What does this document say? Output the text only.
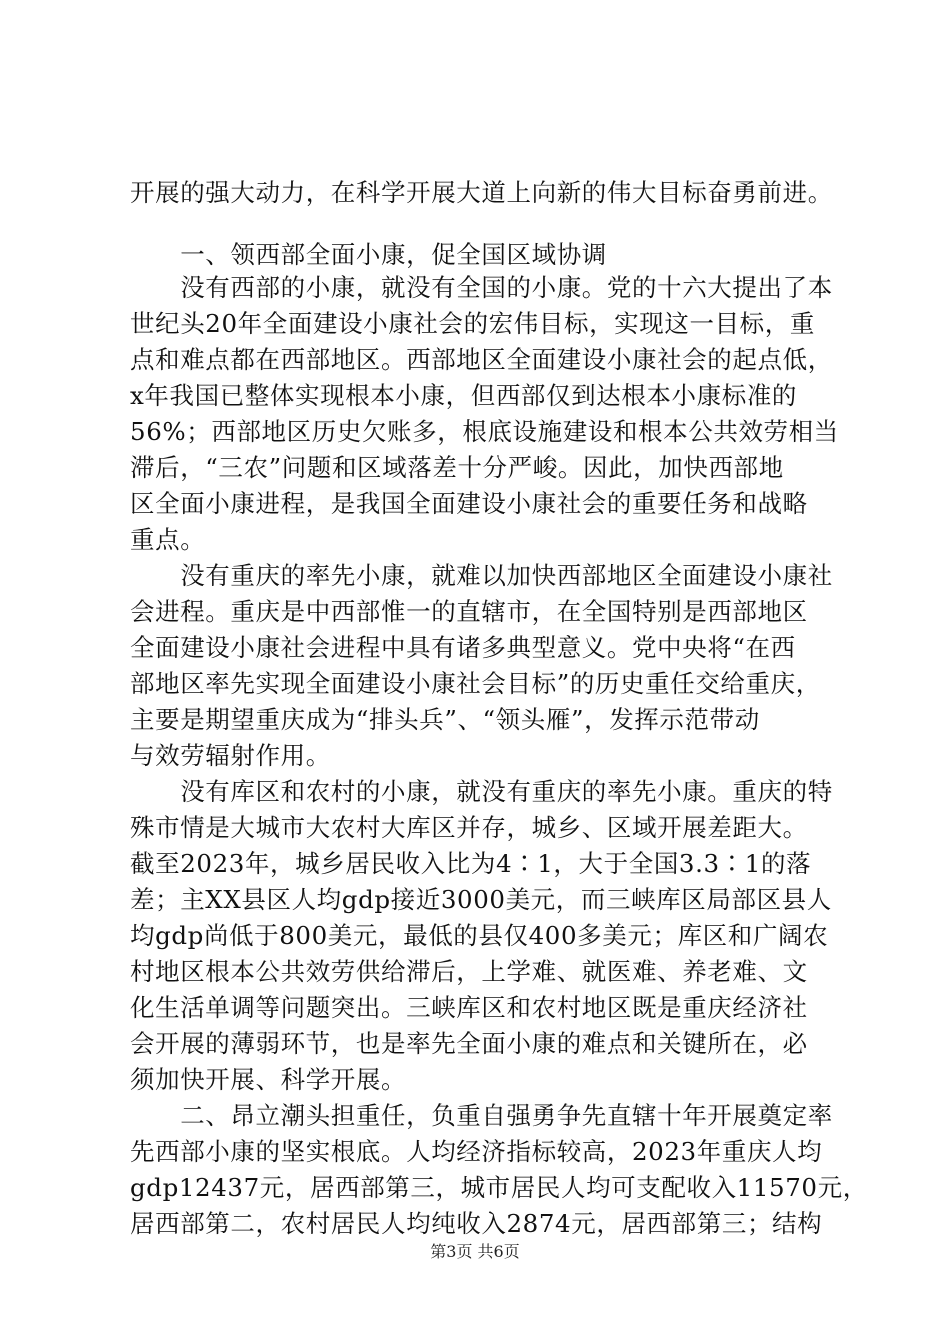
开展的强大动力，在科学开展大道上向新的伟大目标奋勇前进。
　　一、领西部全面小康，促全国区域协调
　　没有西部的小康，就没有全国的小康。党的十六大提出了本
世纪头20年全面建设小康社会的宏伟目标，实现这一目标，重
点和难点都在西部地区。西部地区全面建设小康社会的起点低，
x年我国已整体实现根本小康，但西部仅到达根本小康标准的
56%；西部地区历史欠账多，根底设施建设和根本公共效劳相当
滞后，“三农”问题和区域落差十分严峻。因此，加快西部地
区全面小康进程，是我国全面建设小康社会的重要任务和战略
重点。
　　没有重庆的率先小康，就难以加快西部地区全面建设小康社
会进程。重庆是中西部惟一的直辖市，在全国特别是西部地区
全面建设小康社会进程中具有诸多典型意义。党中央将“在西
部地区率先实现全面建设小康社会目标”的历史重任交给重庆，
主要是期望重庆成为“排头兵”、“领头雁”，发挥示范带动
与效劳辐射作用。
　　没有库区和农村的小康，就没有重庆的率先小康。重庆的特
殊市情是大城市大农村大库区并存，城乡、区域开展差距大。
截至2023年，城乡居民收入比为4∶1，大于全国3.3∶1的落
差；主XX县区人均gdp接近3000美元，而三峡库区局部区县人
均gdp尚低于800美元，最低的县仅400多美元；库区和广阔农
村地区根本公共效劳供给滞后，上学难、就医难、养老难、文
化生活单调等问题突出。三峡库区和农村地区既是重庆经济社
会开展的薄弱环节，也是率先全面小康的难点和关键所在，必
须加快开展、科学开展。
　　二、昂立潮头担重任，负重自强勇争先直辖十年开展奠定率
先西部小康的坚实根底。人均经济指标较高，2023年重庆人均
gdp12437元，居西部第三，城市居民人均可支配收入11570元，
居西部第二，农村居民人均纯收入2874元，居西部第三；结构
第3页 共6页
